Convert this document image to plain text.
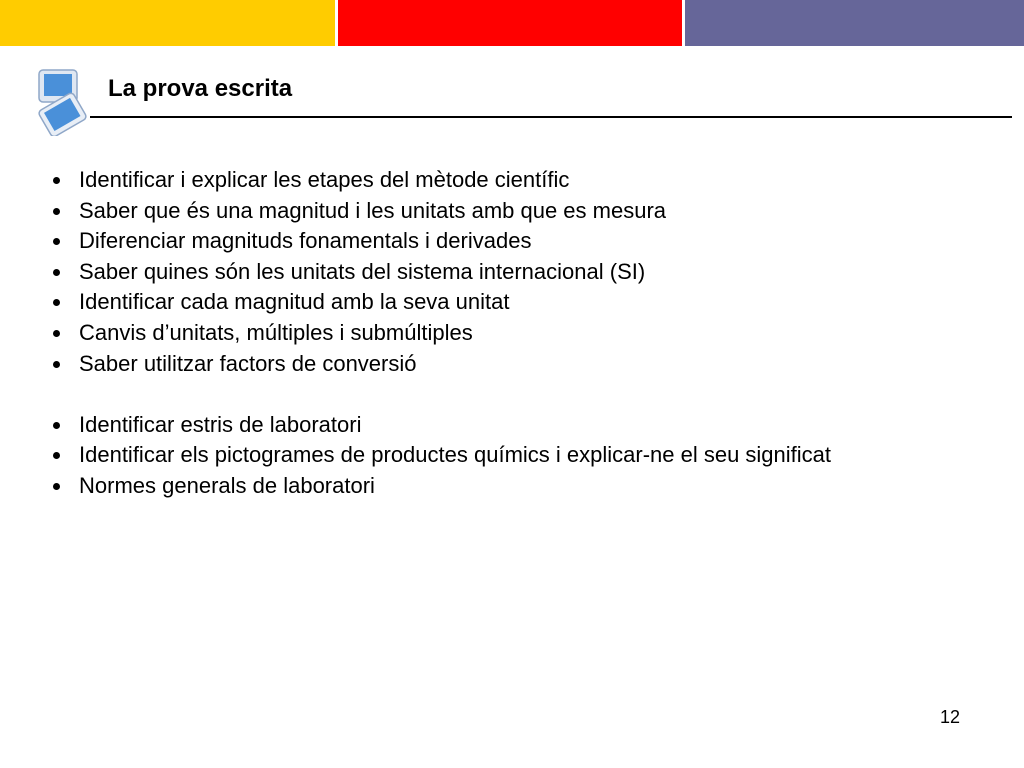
La prova escrita
Identificar i explicar les etapes del mètode científic
Saber que és una magnitud i les unitats amb que es mesura
Diferenciar magnituds fonamentals i derivades
Saber quines són les unitats del sistema internacional (SI)
Identificar cada magnitud amb la seva unitat
Canvis d’unitats, múltiples i submúltiples
Saber utilitzar factors de conversió
Identificar estris de laboratori
Identificar els pictogrames de productes químics i explicar-ne el seu significat
Normes generals de laboratori
12
